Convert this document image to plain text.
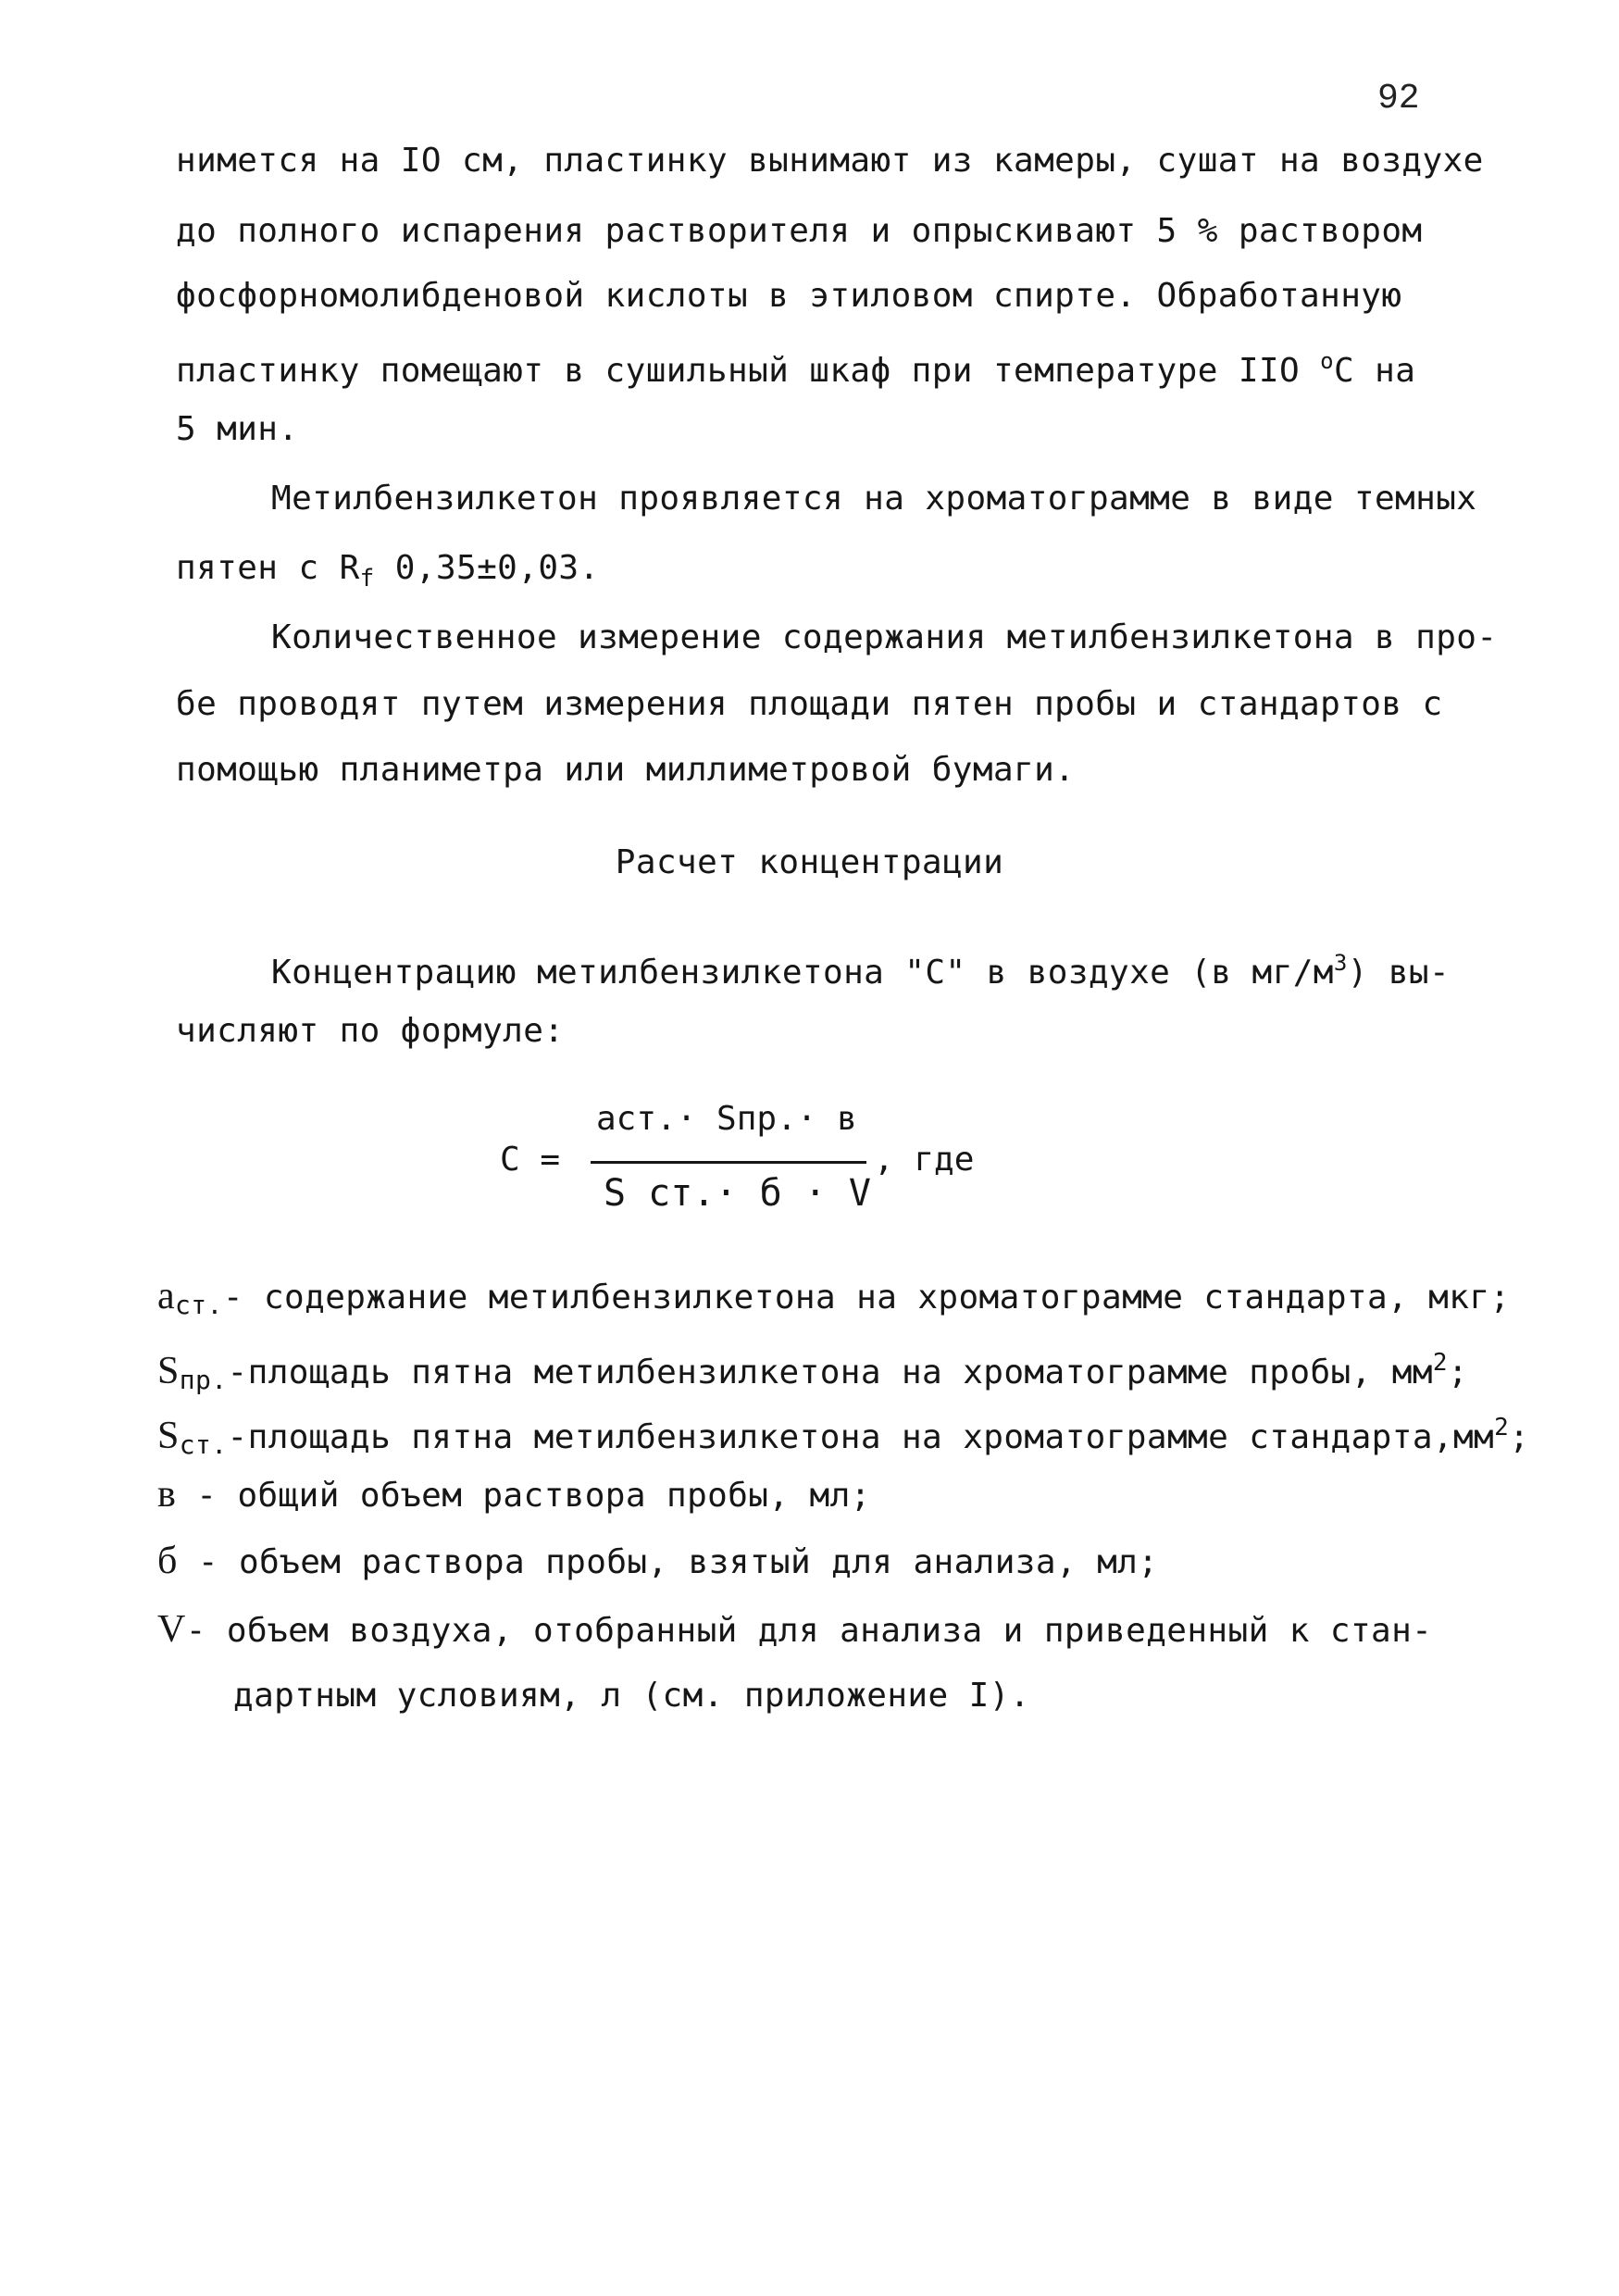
92
нимется на IO см, пластинку вынимают из камеры, сушат на воздухе
до полного испарения растворителя и опрыскивают 5 % раствором
фосфорномолибденовой кислоты в этиловом спирте. Обработанную
пластинку помещают в сушильный шкаф при температуре IIO $^о$С на
5 мин.
Метилбензилкетон проявляется на хроматограмме в виде темных
пятен с $R_f$ 0,35±0,03.
Количественное измерение содержания метилбензилкетона в про-
бе проводят путем измерения площади пятен пробы и стандартов с
помощью планиметра или миллиметровой бумаги.
Расчет концентрации
Концентрацию метилбензилкетона "С" в воздухе (в $мг/м^3$) вы-
числяют по формуле:
С =
aст.· Sпр.· в
S ст.· б · V
, где
$a_{ст.}-$ содержание метилбензилкетона на хроматограмме стандарта, мкг;
$S_{пр.}$-площадь пятна метилбензилкетона на хроматограмме пробы, $мм^2$;
$S_{ст.}$-площадь пятна метилбензилкетона на хроматограмме $стандарта,мм^2$;
в - общий объем раствора пробы, мл;
б - объем раствора пробы, взятый для анализа, мл;
V- объем воздуха, отобранный для анализа и приведенный к стан-
дартным условиям, л (см. приложение I).
